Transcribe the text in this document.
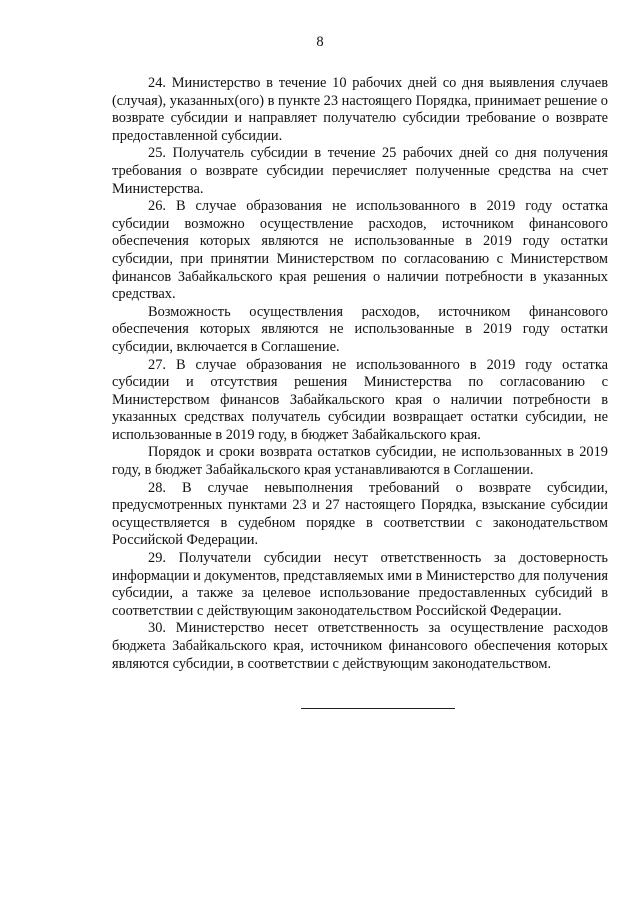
8

24. Министерство в течение 10 рабочих дней со дня выявления случаев (случая), указанных(ого) в пункте 23 настоящего Порядка, принимает решение о возврате субсидии и направляет получателю субсидии требование о возврате предоставленной субсидии.

25. Получатель субсидии в течение 25 рабочих дней со дня получения требования о возврате субсидии перечисляет полученные средства на счет Министерства.

26. В случае образования не использованного в 2019 году остатка субсидии возможно осуществление расходов, источником финансового обеспечения которых являются не использованные в 2019 году остатки субсидии, при принятии Министерством по согласованию с Министерством финансов Забайкальского края решения о наличии потребности в указанных средствах.

Возможность осуществления расходов, источником финансового обеспечения которых являются не использованные в 2019 году остатки субсидии, включается в Соглашение.

27. В случае образования не использованного в 2019 году остатка субсидии и отсутствия решения Министерства по согласованию с Министерством финансов Забайкальского края о наличии потребности в указанных средствах получатель субсидии возвращает остатки субсидии, не использованные в 2019 году, в бюджет Забайкальского края.

Порядок и сроки возврата остатков субсидии, не использованных в 2019 году, в бюджет Забайкальского края устанавливаются в Соглашении.

28. В случае невыполнения требований о возврате субсидии, предусмотренных пунктами 23 и 27 настоящего Порядка, взыскание субсидии осуществляется в судебном порядке в соответствии с законодательством Российской Федерации.

29. Получатели субсидии несут ответственность за достоверность информации и документов, представляемых ими в Министерство для получения субсидии, а также за целевое использование предоставленных субсидий в соответствии с действующим законодательством Российской Федерации.

30. Министерство несет ответственность за осуществление расходов бюджета Забайкальского края, источником финансового обеспечения которых являются субсидии, в соответствии с действующим законодательством.
